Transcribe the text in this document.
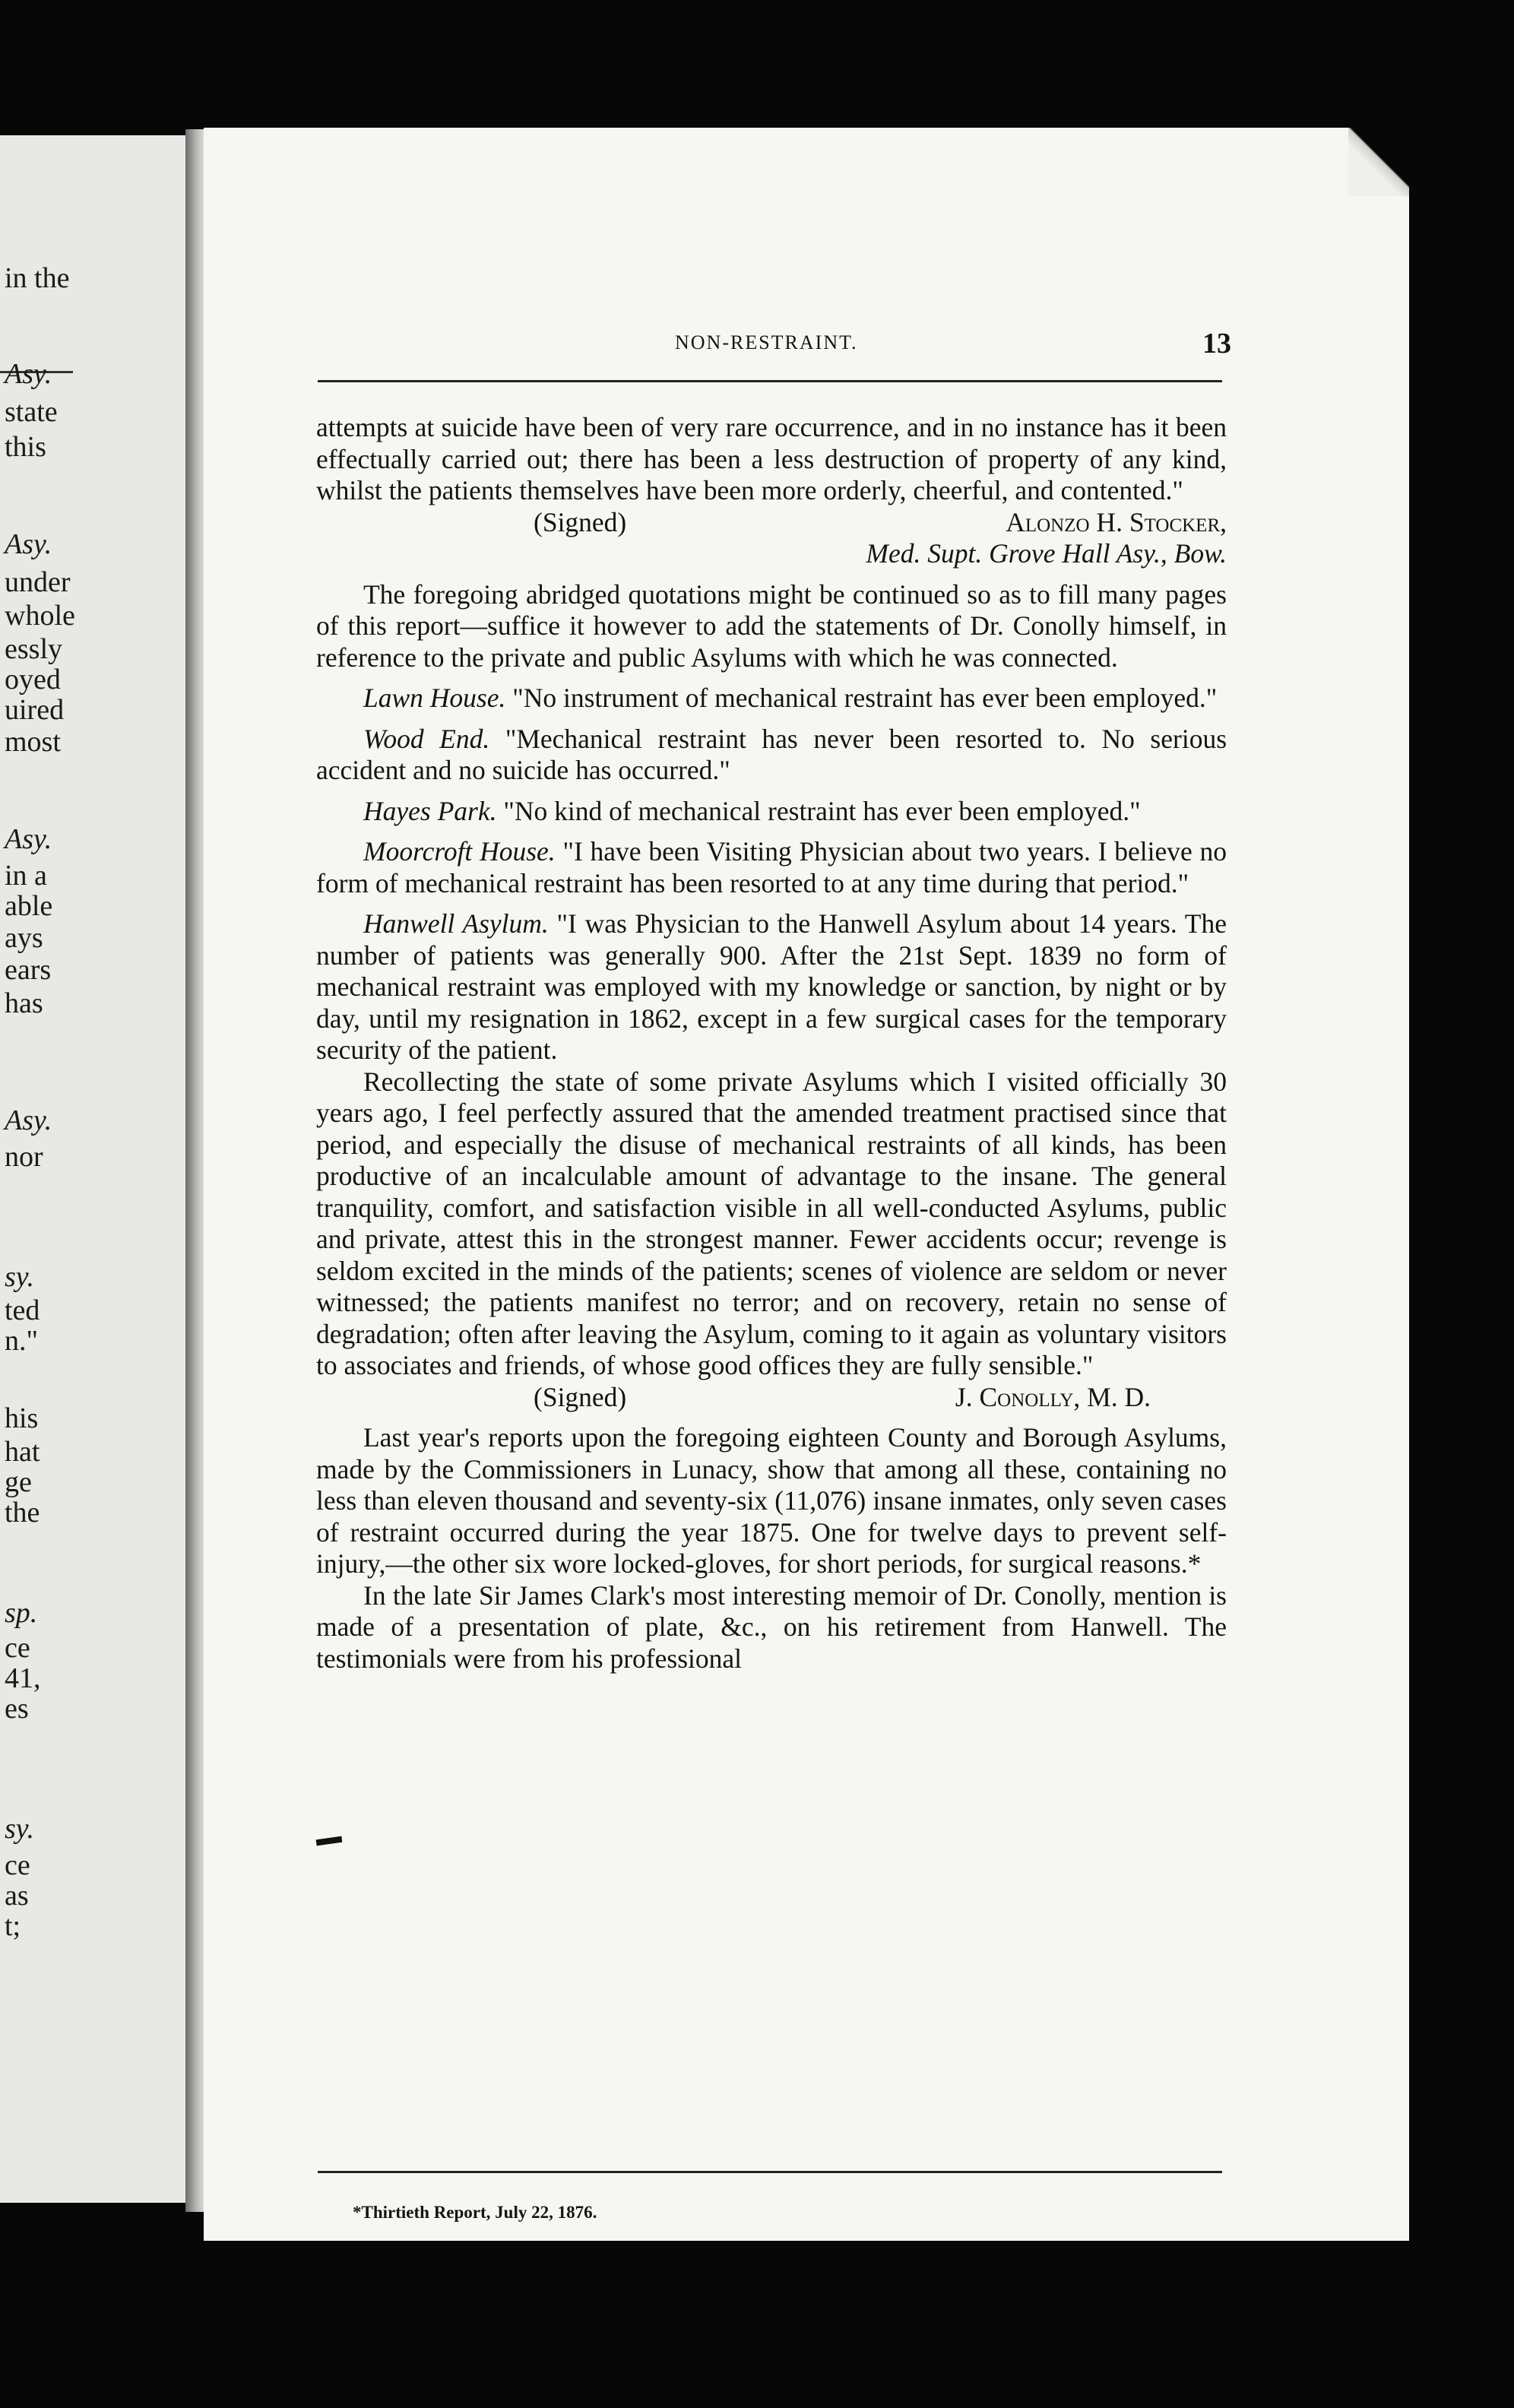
in the
Asy.
state
this
Asy.
under
whole
essly
oyed
uired
most
Asy.
in a
able
ays
ears
has
Asy.
nor
sy.
ted
n."
his
hat
ge
the
sp.
ce
41,
es
sy.
ce
as
t;
NON-RESTRAINT.	13

attempts at suicide have been of very rare occurrence, and in no instance has it been effectually carried out; there has been a less destruction of property of any kind, whilst the patients themselves have been more orderly, cheerful, and contented."

(Signed)	Alonzo H. Stocker,
Med. Supt. Grove Hall Asy., Bow.

The foregoing abridged quotations might be continued so as to fill many pages of this report—suffice it however to add the statements of Dr. Conolly himself, in reference to the private and public Asylums with which he was connected.

Lawn House. "No instrument of mechanical restraint has ever been employed."

Wood End. "Mechanical restraint has never been resorted to. No serious accident and no suicide has occurred."

Hayes Park. "No kind of mechanical restraint has ever been employed."

Moorcroft House. "I have been Visiting Physician about two years. I believe no form of mechanical restraint has been resorted to at any time during that period."

Hanwell Asylum. "I was Physician to the Hanwell Asylum about 14 years. The number of patients was generally 900. After the 21st Sept. 1839 no form of mechanical restraint was employed with my knowledge or sanction, by night or by day, until my resignation in 1862, except in a few surgical cases for the temporary security of the patient.

Recollecting the state of some private Asylums which I visited officially 30 years ago, I feel perfectly assured that the amended treatment practised since that period, and especially the disuse of mechanical restraints of all kinds, has been productive of an incalculable amount of advantage to the insane. The general tranquility, comfort, and satisfaction visible in all well-conducted Asylums, public and private, attest this in the strongest manner. Fewer accidents occur; revenge is seldom excited in the minds of the patients; scenes of violence are seldom or never witnessed; the patients manifest no terror; and on recovery, retain no sense of degradation; often after leaving the Asylum, coming to it again as voluntary visitors to associates and friends, of whose good offices they are fully sensible."

(Signed)	J. Conolly, M. D.

Last year's reports upon the foregoing eighteen County and Borough Asylums, made by the Commissioners in Lunacy, show that among all these, containing no less than eleven thousand and seventy-six (11,076) insane inmates, only seven cases of restraint occurred during the year 1875. One for twelve days to prevent self-injury,—the other six wore locked-gloves, for short periods, for surgical reasons.*

In the late Sir James Clark's most interesting memoir of Dr. Conolly, mention is made of a presentation of plate, &c., on his retirement from Hanwell. The testimonials were from his professional

*Thirtieth Report, July 22, 1876.
